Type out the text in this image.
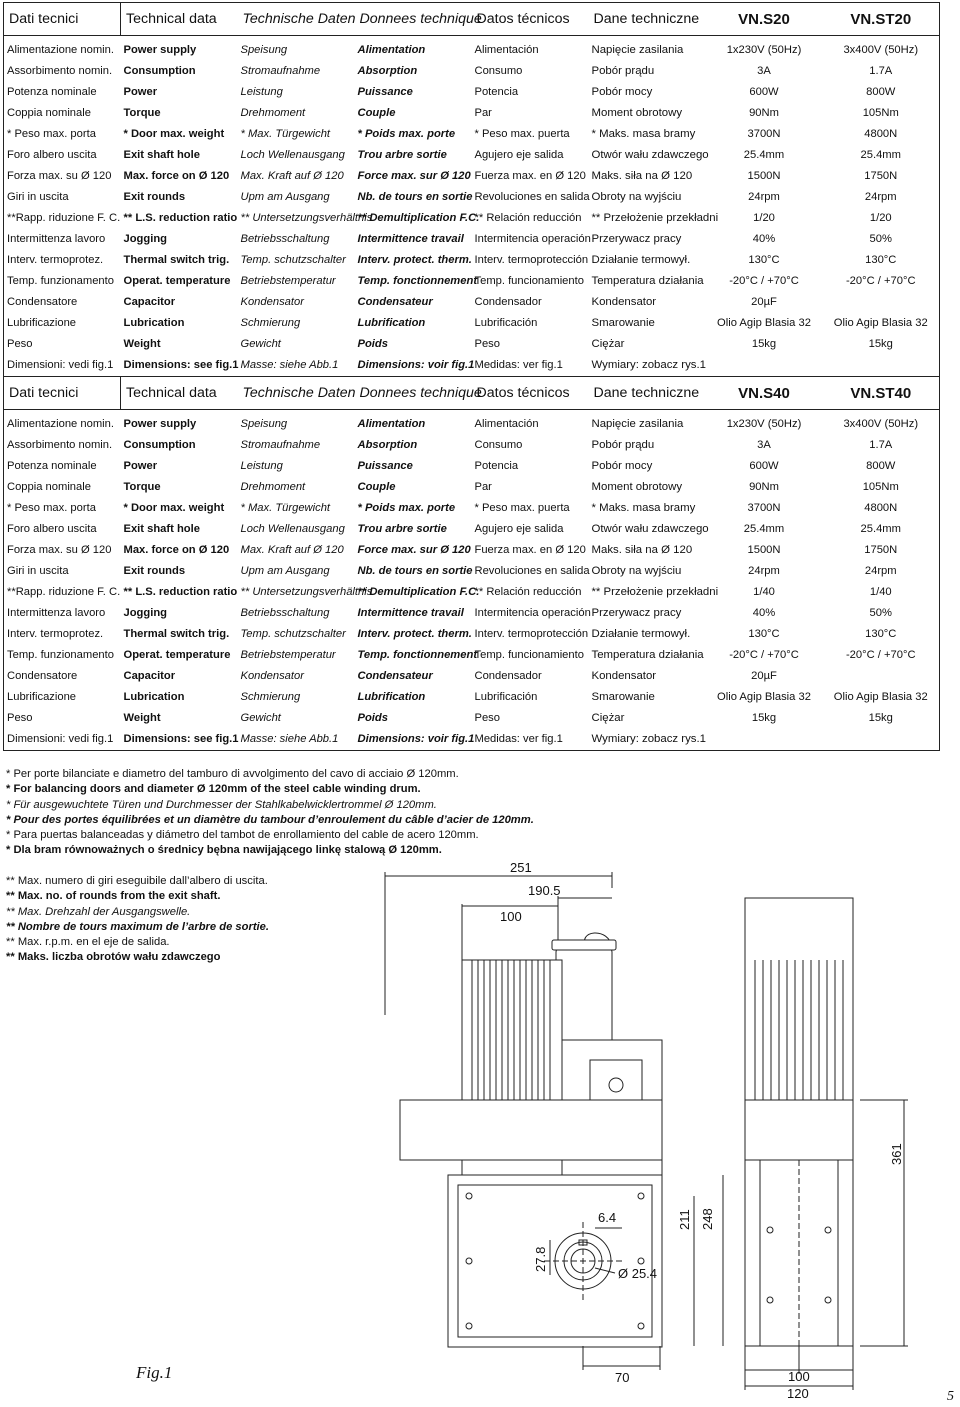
Dati tecnici	Technical data	Technische Daten	Donnees technique	Datos técnicos	Dane techniczne	VN.S20	VN.ST20
Alimentazione nomin.	Power supply	Speisung	Alimentation	Alimentación	Napięcie zasilania	1x230V (50Hz)	3x400V (50Hz)
Assorbimento nomin.	Consumption	Stromaufnahme	Absorption	Consumo	Pobór prądu	3A	1.7A
Potenza nominale	Power	Leistung	Puissance	Potencia	Pobór mocy	600W	800W
Coppia nominale	Torque	Drehmoment	Couple	Par	Moment obrotowy	90Nm	105Nm
* Peso max. porta	* Door max. weight	* Max. Türgewicht	* Poids max. porte	* Peso max. puerta	* Maks. masa bramy	3700N	4800N
Foro albero uscita	Exit shaft hole	Loch Wellenausgang	Trou arbre sortie	Agujero eje salida	Otwór wału zdawczego	25.4mm	25.4mm
Forza max. su Ø 120	Max. force on Ø 120	Max. Kraft auf Ø 120	Force max. sur Ø 120	Fuerza max. en Ø 120	Maks. siła na Ø 120	1500N	1750N
Giri in uscita	Exit rounds	Upm am Ausgang	Nb. de tours en sortie	Revoluciones en salida	Obroty na wyjściu	24rpm	24rpm
**Rapp. riduzione F. C.	** L.S. reduction ratio	** Untersetzungsverhältnis	** Demultiplication F.C.	** Relación reducción	** Przełożenie przekładni	1/20	1/20
Intermittenza lavoro	Jogging	Betriebsschaltung	Intermittence travail	Intermitencia operación	Przerywacz pracy	40%	50%
Interv. termoprotez.	Thermal switch trig.	Temp. schutzschalter	Interv. protect. therm.	Interv. termoprotección	Działanie termowył.	130°C	130°C
Temp. funzionamento	Operat. temperature	Betriebstemperatur	Temp. fonctionnement	Temp. funcionamiento	Temperatura działania	-20°C / +70°C	-20°C / +70°C
Condensatore	Capacitor	Kondensator	Condensateur	Condensador	Kondensator	20µF	
Lubrificazione	Lubrication	Schmierung	Lubrification	Lubrificación	Smarowanie	Olio Agip Blasia 32	Olio Agip Blasia 32
Peso	Weight	Gewicht	Poids	Peso	Ciężar	15kg	15kg
Dimensioni: vedi fig.1	Dimensions: see fig.1	Masse: siehe Abb.1	Dimensions: voir fig.1	Medidas: ver fig.1	Wymiary: zobacz rys.1		
Dati tecnici	Technical data	Technische Daten	Donnees technique	Datos técnicos	Dane techniczne	VN.S40	VN.ST40
Alimentazione nomin.	Power supply	Speisung	Alimentation	Alimentación	Napięcie zasilania	1x230V (50Hz)	3x400V (50Hz)
Assorbimento nomin.	Consumption	Stromaufnahme	Absorption	Consumo	Pobór prądu	3A	1.7A
Potenza nominale	Power	Leistung	Puissance	Potencia	Pobór mocy	600W	800W
Coppia nominale	Torque	Drehmoment	Couple	Par	Moment obrotowy	90Nm	105Nm
* Peso max. porta	* Door max. weight	* Max. Türgewicht	* Poids max. porte	* Peso max. puerta	* Maks. masa bramy	3700N	4800N
Foro albero uscita	Exit shaft hole	Loch Wellenausgang	Trou arbre sortie	Agujero eje salida	Otwór wału zdawczego	25.4mm	25.4mm
Forza max. su Ø 120	Max. force on Ø 120	Max. Kraft auf Ø 120	Force max. sur Ø 120	Fuerza max. en Ø 120	Maks. siła na Ø 120	1500N	1750N
Giri in uscita	Exit rounds	Upm am Ausgang	Nb. de tours en sortie	Revoluciones en salida	Obroty na wyjściu	24rpm	24rpm
**Rapp. riduzione F. C.	** L.S. reduction ratio	** Untersetzungsverhältnis	** Demultiplication F.C.	** Relación reducción	** Przełożenie przekładni	1/40	1/40
Intermittenza lavoro	Jogging	Betriebsschaltung	Intermittence travail	Intermitencia operación	Przerywacz pracy	40%	50%
Interv. termoprotez.	Thermal switch trig.	Temp. schutzschalter	Interv. protect. therm.	Interv. termoprotección	Działanie termowył.	130°C	130°C
Temp. funzionamento	Operat. temperature	Betriebstemperatur	Temp. fonctionnement	Temp. funcionamiento	Temperatura działania	-20°C / +70°C	-20°C / +70°C
Condensatore	Capacitor	Kondensator	Condensateur	Condensador	Kondensator	20µF	
Lubrificazione	Lubrication	Schmierung	Lubrification	Lubrificación	Smarowanie	Olio Agip Blasia 32	Olio Agip Blasia 32
Peso	Weight	Gewicht	Poids	Peso	Ciężar	15kg	15kg
Dimensioni: vedi fig.1	Dimensions: see fig.1	Masse: siehe Abb.1	Dimensions: voir fig.1	Medidas: ver fig.1	Wymiary: zobacz rys.1		
* Per porte bilanciate e diametro del tamburo di avvolgimento del cavo di acciaio Ø 120mm.
* For balancing doors and diameter Ø 120mm of the steel cable winding drum.
* Für ausgewuchtete Türen und Durchmesser der Stahlkabelwicklertrommel Ø 120mm.
* Pour des portes équilibrées et un diamètre du tambour d’enroulement du câble d’acier de 120mm.
* Para puertas balanceadas y diámetro del tambot de enrollamiento del cable de acero 120mm.
* Dla bram równoważnych o średnicy bębna nawijającego linkę stalową Ø 120mm.
** Max. numero di giri eseguibile dall’albero di uscita.
** Max. no. of rounds from the exit shaft.
** Max. Drehzahl der Ausgangswelle.
** Nombre de tours maximum de l’arbre de sortie.
** Max. r.p.m. en el eje de salida.
** Maks. liczba obrotów wału zdawczego
251
190.5
100
361
248
211
6.4
27.8
Ø 25.4
70	100
120
Fig.1
5
